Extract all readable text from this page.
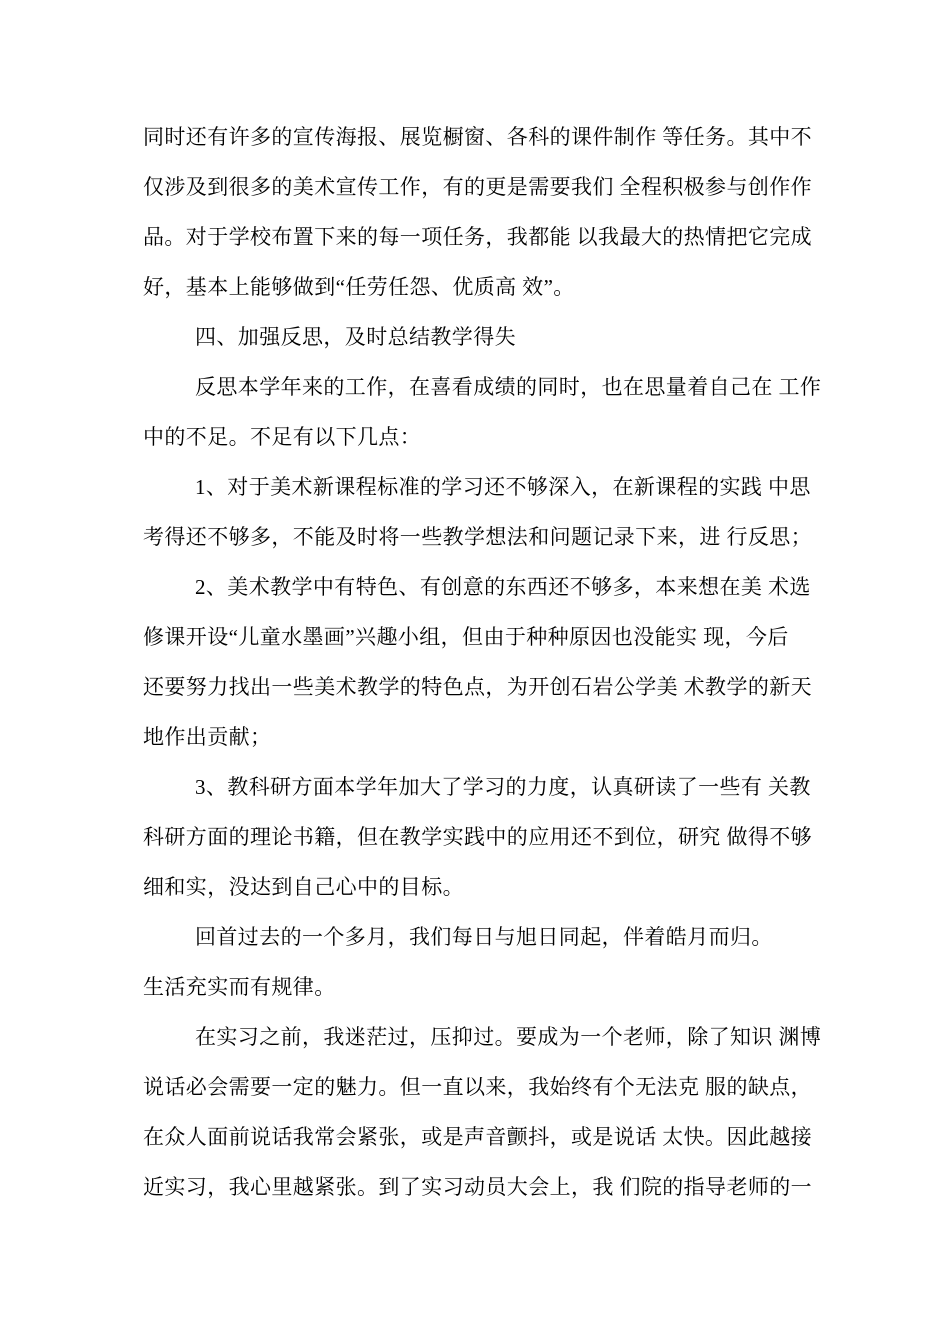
同时还有许多的宣传海报、展览橱窗、各科的课件制作 等任务。其中不
仅涉及到很多的美术宣传工作，有的更是需要我们 全程积极参与创作作
品。对于学校布置下来的每一项任务，我都能 以我最大的热情把它完成
好，基本上能够做到“任劳任怨、优质高 效”。
四、加强反思，及时总结教学得失
反思本学年来的工作，在喜看成绩的同时，也在思量着自己在 工作
中的不足。不足有以下几点：
1、对于美术新课程标准的学习还不够深入，在新课程的实践 中思
考得还不够多，不能及时将一些教学想法和问题记录下来，进 行反思；
2、美术教学中有特色、有创意的东西还不够多，本来想在美 术选
修课开设“儿童水墨画”兴趣小组，但由于种种原因也没能实 现，今后
还要努力找出一些美术教学的特色点，为开创石岩公学美 术教学的新天
地作出贡献；
3、教科研方面本学年加大了学习的力度，认真研读了一些有 关教
科研方面的理论书籍，但在教学实践中的应用还不到位，研究 做得不够
细和实，没达到自己心中的目标。
回首过去的一个多月，我们每日与旭日同起，伴着皓月而归。
生活充实而有规律。
在实习之前，我迷茫过，压抑过。要成为一个老师，除了知识 渊博
说话必会需要一定的魅力。但一直以来，我始终有个无法克 服的缺点，
在众人面前说话我常会紧张，或是声音颤抖，或是说话 太快。因此越接
近实习，我心里越紧张。到了实习动员大会上，我 们院的指导老师的一
